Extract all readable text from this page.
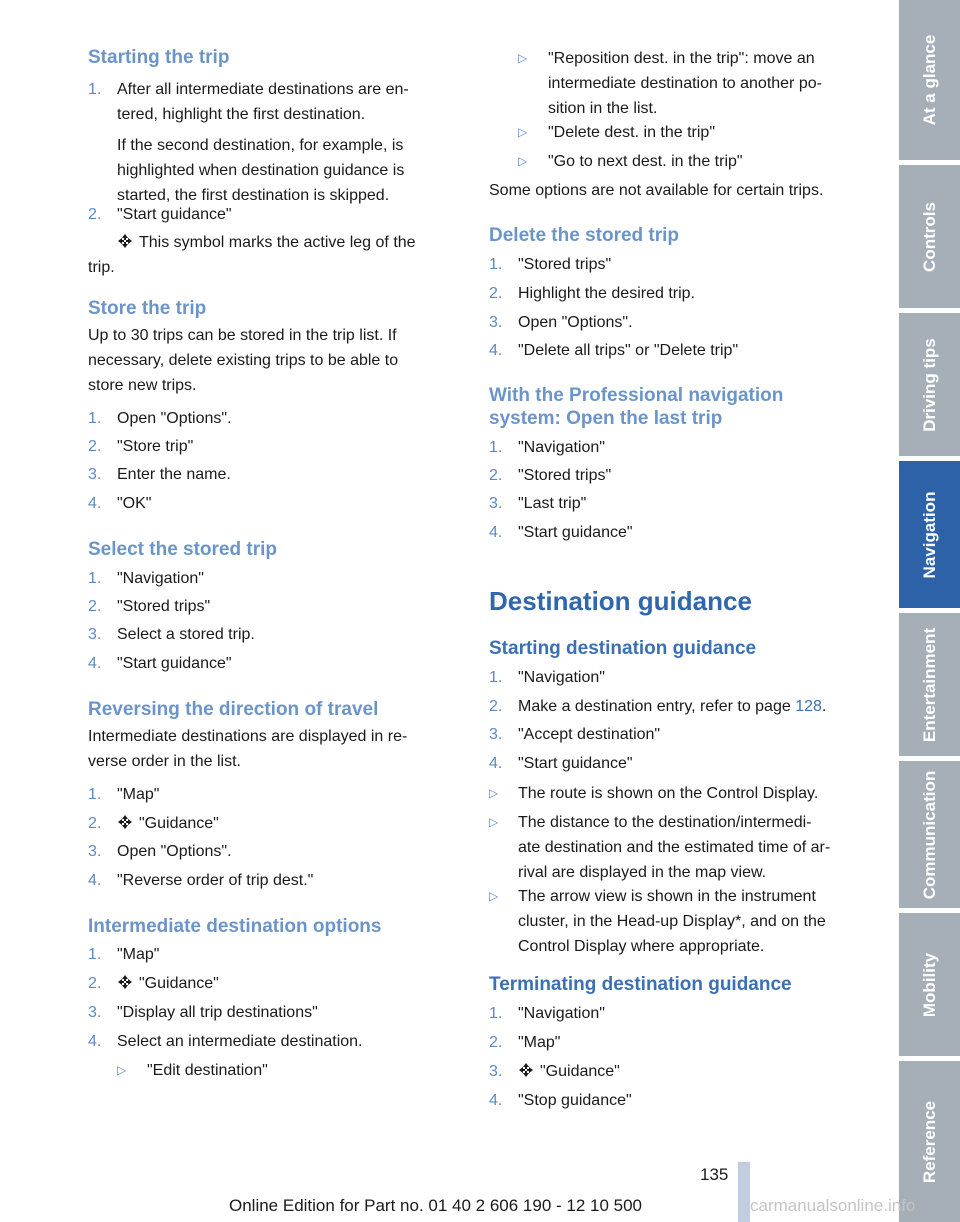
Starting the trip
1. After all intermediate destinations are en-
tered, highlight the first destination.
If the second destination, for example, is
highlighted when destination guidance is
started, the first destination is skipped.
2. "Start guidance"
This symbol marks the active leg of the
trip.
Store the trip
Up to 30 trips can be stored in the trip list. If
necessary, delete existing trips to be able to
store new trips.
1. Open "Options".
2. "Store trip"
3. Enter the name.
4. "OK"
Select the stored trip
1. "Navigation"
2. "Stored trips"
3. Select a stored trip.
4. "Start guidance"
Reversing the direction of travel
Intermediate destinations are displayed in re-
verse order in the list.
1. "Map"
2.	"Guidance"
3. Open "Options".
4. "Reverse order of trip dest."
Intermediate destination options
1. "Map"
2.	"Guidance"
3. "Display all trip destinations"
4. Select an intermediate destination.
▷	"Edit destination"
▷	"Reposition dest. in the trip": move an
intermediate destination to another po-
sition in the list.
▷	"Delete dest. in the trip"
▷	"Go to next dest. in the trip"
Some options are not available for certain trips.
Delete the stored trip
1. "Stored trips"
2. Highlight the desired trip.
3. Open "Options".
4. "Delete all trips" or "Delete trip"
With the Professional navigation
system: Open the last trip
1. "Navigation"
2. "Stored trips"
3. "Last trip"
4. "Start guidance"
Destination guidance
Starting destination guidance
1. "Navigation"
2. Make a destination entry, refer to page 128.
3. "Accept destination"
4. "Start guidance"
▷	The route is shown on the Control Display.
▷	The distance to the destination/intermedi-
ate destination and the estimated time of ar-
rival are displayed in the map view.
▷	The arrow view is shown in the instrument
cluster, in the Head-up Display*, and on the
Control Display where appropriate.
Terminating destination guidance
1. "Navigation"
2. "Map"
3.	"Guidance"
4. "Stop guidance"
At a glance
Controls
Driving tips
Navigation
Entertainment
Communication
Mobility
Reference
135
Online Edition for Part no. 01 40 2 606 190 - 12 10 500	carmanualsonline.info
